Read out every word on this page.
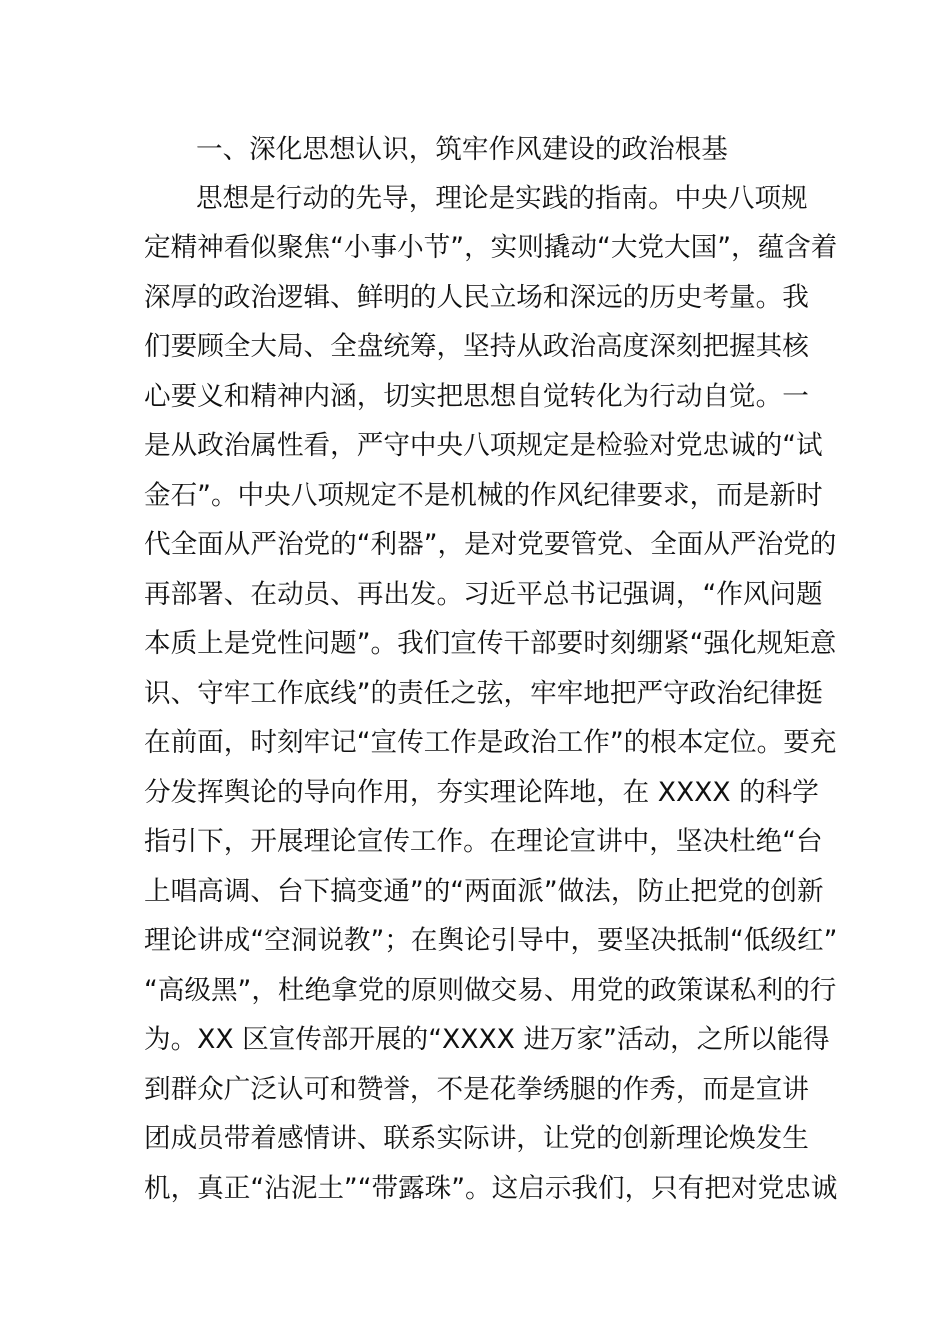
一、深化思想认识，筑牢作风建设的政治根基
思想是行动的先导，理论是实践的指南。中央八项规
定精神看似聚焦“小事小节”，实则撬动“大党大国”，蕴含着
深厚的政治逻辑、鲜明的人民立场和深远的历史考量。我
们要顾全大局、全盘统筹，坚持从政治高度深刻把握其核
心要义和精神内涵，切实把思想自觉转化为行动自觉。一
是从政治属性看，严守中央八项规定是检验对党忠诚的“试
金石”。中央八项规定不是机械的作风纪律要求，而是新时
代全面从严治党的“利器”，是对党要管党、全面从严治党的
再部署、在动员、再出发。习近平总书记强调，“作风问题
本质上是党性问题”。我们宣传干部要时刻绷紧“强化规矩意
识、守牢工作底线”的责任之弦，牢牢地把严守政治纪律挺
在前面，时刻牢记“宣传工作是政治工作”的根本定位。要充
分发挥舆论的导向作用，夯实理论阵地，在 XXXX 的科学
指引下，开展理论宣传工作。在理论宣讲中，坚决杜绝“台
上唱高调、台下搞变通”的“两面派”做法，防止把党的创新
理论讲成“空洞说教”；在舆论引导中，要坚决抵制“低级红”
“高级黑”，杜绝拿党的原则做交易、用党的政策谋私利的行
为。XX 区宣传部开展的“XXXX 进万家”活动，之所以能得
到群众广泛认可和赞誉，不是花拳绣腿的作秀，而是宣讲
团成员带着感情讲、联系实际讲，让党的创新理论焕发生
机，真正“沾泥土”“带露珠”。这启示我们，只有把对党忠诚
